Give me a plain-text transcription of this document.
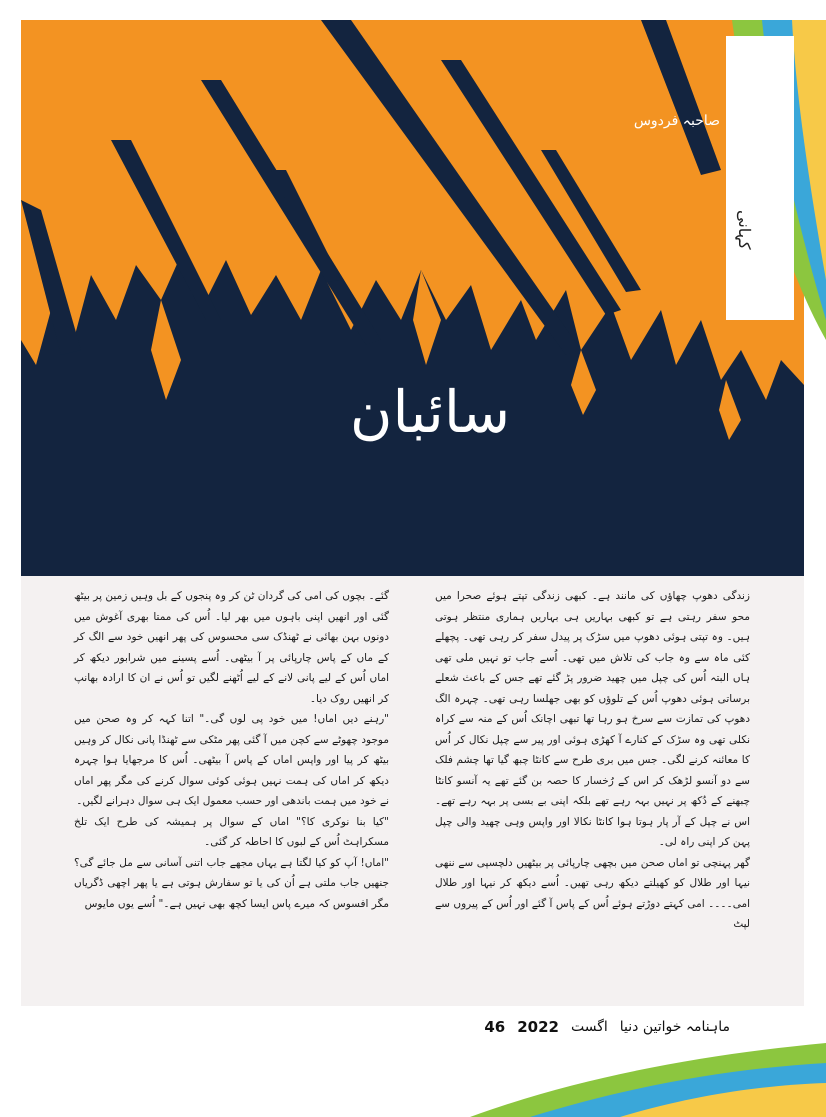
کہانی
صاحبہ فردوس
سائبان

زندگی دھوپ چھاؤں کی مانند ہے۔ کبھی زندگی تپتے ہوئے صحرا میں محو سفر رہتی ہے تو کبھی بہاریں ہی بہاریں ہماری منتظر ہوتی ہیں۔ وہ تپتی ہوئی دھوپ میں سڑک پر پیدل سفر کر رہی تھی۔ پچھلے کئی ماہ سے وہ جاب کی تلاش میں تھی۔ اُسے جاب تو نہیں ملی تھی ہاں البتہ اُس کی چپل میں چھید ضرور پڑ گئے تھے جس کے باعث شعلے برساتی ہوئی دھوپ اُس کے تلوؤں کو بھی جھلسا رہی تھی۔ چہرہ الگ دھوپ کی تمازت سے سرخ ہو رہا تھا تبھی اچانک اُس کے منہ سے کراہ نکلی تھی وہ سڑک کے کنارے آ کھڑی ہوئی اور پیر سے چپل نکال کر اُس کا معائنہ کرنے لگی۔ جس میں بری طرح سے کانٹا چبھ گیا تھا چشم فلک سے دو آنسو لڑھک کر اس کے رُخسار کا حصہ بن گئے تھے یہ آنسو کانٹا چبھنے کے دُکھ پر نہیں بہہ رہے تھے بلکہ اپنی بے بسی پر بہہ رہے تھے۔ اس نے چپل کے آر پار ہوتا ہوا کانٹا نکالا اور واپس وہی چھید والی چپل پہن کر اپنی راہ لی۔

گھر پہنچی تو اماں صحن میں بچھی چارپائی پر بیٹھیں دلچسپی سے ننھی نیہا اور طلال کو کھیلتے دیکھ رہی تھیں۔ اُسے دیکھ کر نیہا اور طلال امی۔۔۔۔ امی کہتے دوڑتے ہوئے اُس کے پاس آ گئے اور اُس کے پیروں سے لپٹ

گئے۔ بچوں کی امی کی گردان ٹن کر وہ پنجوں کے بل وہیں زمین پر بیٹھ گئی اور انھیں اپنی باہوں میں بھر لیا۔ اُس کی ممتا بھری آغوش میں دونوں بہن بھائی نے ٹھنڈک سی محسوس کی پھر انھیں خود سے الگ کر کے ماں کے پاس چارپائی پر آ بیٹھی۔ اُسے پسینے میں شرابور دیکھ کر اماں اُس کے لیے پانی لانے کے لیے اُٹھنے لگیں تو اُس نے ان کا ارادہ بھانپ کر انھیں روک دیا۔

"رہنے دیں اماں! میں خود پی لوں گی۔" اتنا کہہ کر وہ صحن میں موجود چھوٹے سے کچن میں آ گئی پھر مٹکی سے ٹھنڈا پانی نکال کر وہیں بیٹھ کر پیا اور واپس اماں کے پاس آ بیٹھی۔ اُس کا مرجھایا ہوا چہرہ دیکھ کر اماں کی ہمت نہیں ہوئی کوئی سوال کرنے کی مگر پھر اماں نے خود میں ہمت باندھی اور حسب معمول ایک ہی سوال دہرانے لگیں۔

"کیا بنا نوکری کا؟" اماں کے سوال پر ہمیشہ کی طرح ایک تلخ مسکراہٹ اُس کے لبوں کا احاطہ کر گئی۔

"اماں! آپ کو کیا لگتا ہے یہاں مجھے جاب اتنی آسانی سے مل جائے گی؟ جنھیں جاب ملتی ہے اُن کی یا تو سفارش ہوتی ہے یا پھر اچھی ڈگریاں مگر افسوس کہ میرے پاس ایسا کچھ بھی نہیں ہے۔" اُسے یوں مایوس

ماہنامہ خواتین دنیا
اگست
2022
46
